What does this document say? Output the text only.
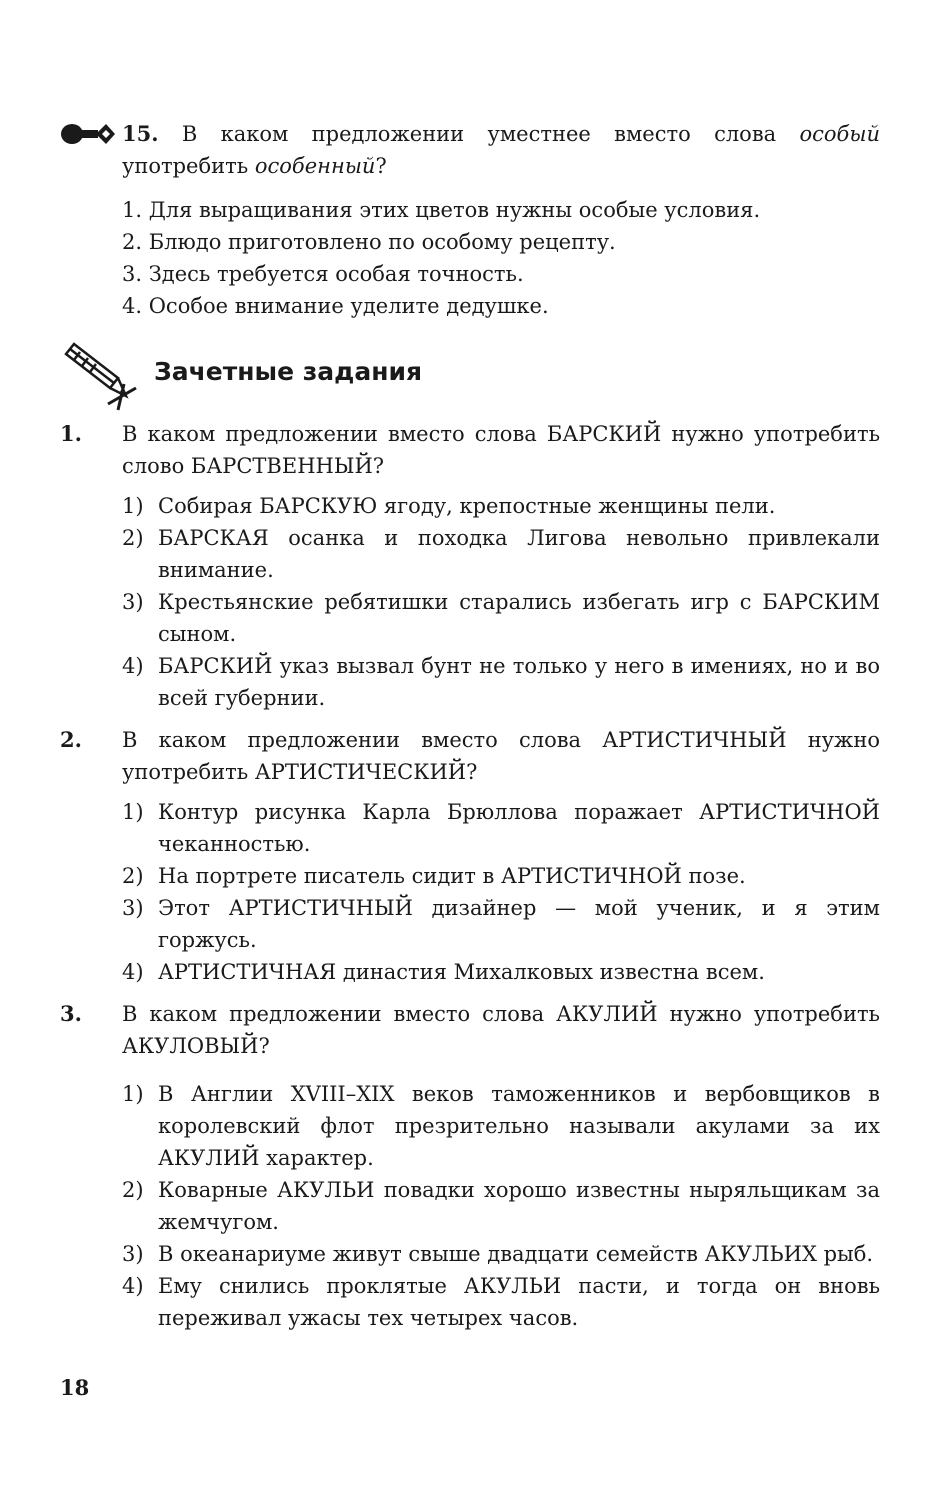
15. В каком предложении уместнее вместо слова особый употребить особенный?
1. Для выращивания этих цветов нужны особые условия.
2. Блюдо приготовлено по особому рецепту.
3. Здесь требуется особая точность.
4. Особое внимание уделите дедушке.
Зачетные задания
1. В каком предложении вместо слова БАРСКИЙ нужно употребить слово БАРСТВЕННЫЙ?
1) Собирая БАРСКУЮ ягоду, крепостные женщины пели.
2) БАРСКАЯ осанка и походка Лигова невольно привлекали внимание.
3) Крестьянские ребятишки старались избегать игр с БАРСКИМ сыном.
4) БАРСКИЙ указ вызвал бунт не только у него в имениях, но и во всей губернии.
2. В каком предложении вместо слова АРТИСТИЧНЫЙ нужно употребить АРТИСТИЧЕСКИЙ?
1) Контур рисунка Карла Брюллова поражает АРТИСТИЧНОЙ чеканностью.
2) На портрете писатель сидит в АРТИСТИЧНОЙ позе.
3) Этот АРТИСТИЧНЫЙ дизайнер — мой ученик, и я этим горжусь.
4) АРТИСТИЧНАЯ династия Михалковых известна всем.
3. В каком предложении вместо слова АКУЛИЙ нужно употребить АКУЛОВЫЙ?
1) В Англии XVIII–XIX веков таможенников и вербовщиков в королевский флот презрительно называли акулами за их АКУЛИЙ характер.
2) Коварные АКУЛЬИ повадки хорошо известны ныряльщикам за жемчугом.
3) В океанариуме живут свыше двадцати семейств АКУЛЬИХ рыб.
4) Ему снились проклятые АКУЛЬИ пасти, и тогда он вновь переживал ужасы тех четырех часов.
18
